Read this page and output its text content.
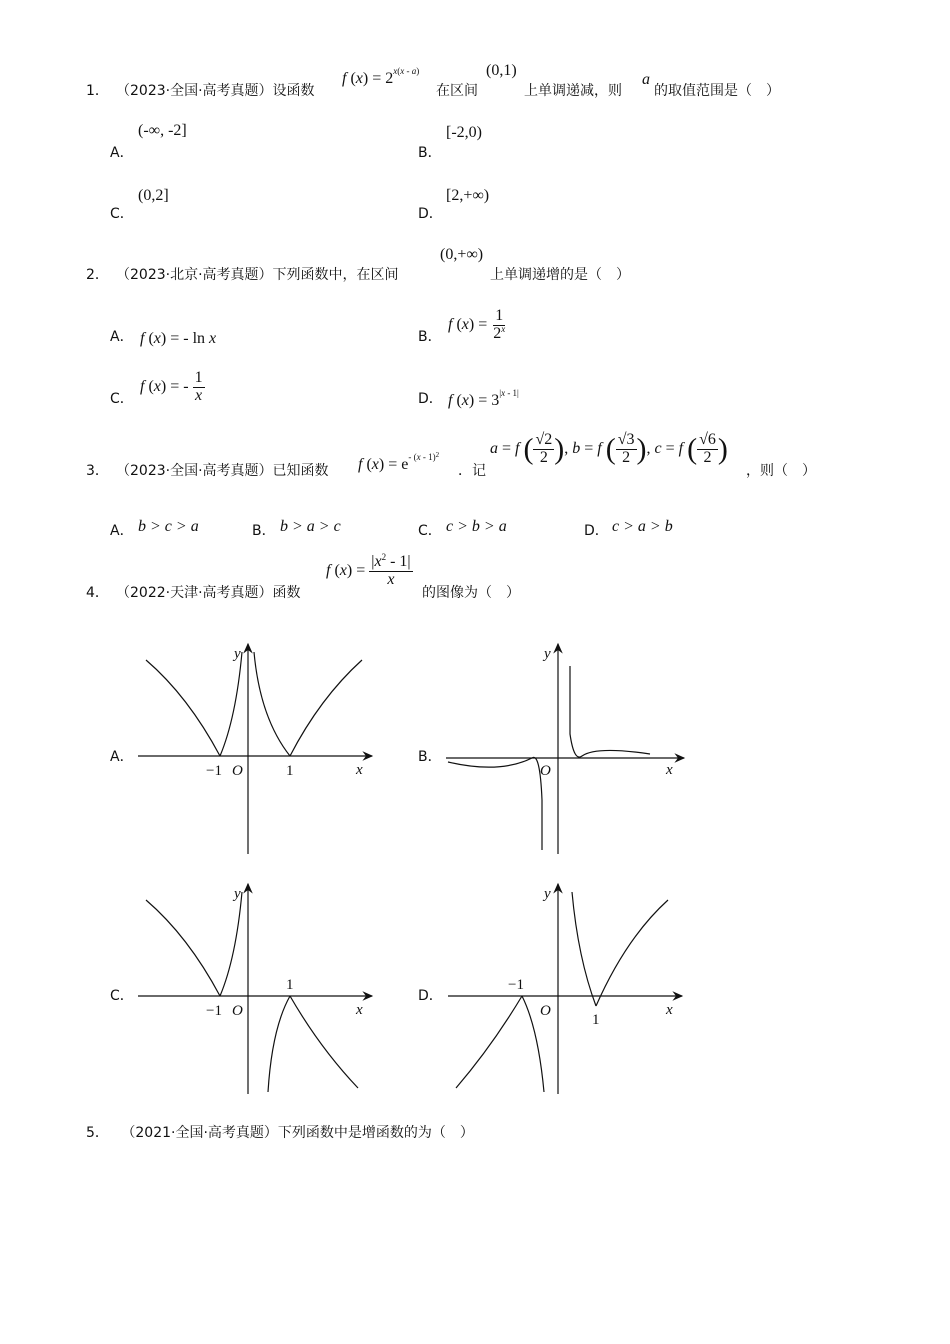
1． （2023·全国·高考真题）设函数
f $(x) = 2^{x(x - a)}$
在区间
(0,1)
上单调递减，则
a
的取值范围是（　）
A．
(-∞, -2]
B．
[-2,0)
C．
(0,2]
D．
[2,+∞)
2． （2023·北京·高考真题）下列函数中，在区间
(0,+∞)
上单调递增的是（　）
A． f (x) = - ln x	B．
f $(x) = \frac{1}{2^x}$
C．
f (x) = - $\frac{1}{x}$	D． f $(x) = 3^{|x - 1|}$
3． （2023·全国·高考真题）已知函数 f $(x) = e^{- (x - 1)^2}$
．记
a = f ( $\frac{√2}{2}$ ), b = f ( $\frac{√3}{2}$ ), c = f ( $\frac{√6}{2}$ )
，则（　）
A． b > c > a	B． b > a > c	C． c > b > a	D． c > a > b
4． （2022·天津·高考真题）函数
f $(x) = \frac{|x^2 - 1|}{x}$
的图像为（　）
A．	B．
C．	D．
y
x
O
−1	1
y
x
O
y
x
O
−1
1
y
x
O
−1
1
5． （2021·全国·高考真题）下列函数中是增函数的为（　）
